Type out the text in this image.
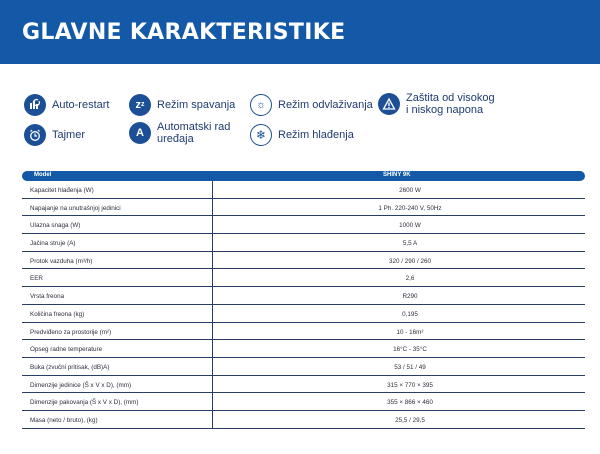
GLAVNE KARAKTERISTIKE
Auto-restart	z z Režim spavanja	☼	Režim odvlaživanja
Zaštita od visokog
i niskog napona
Tajmer	A	Automatski rad
uređaja	❄	Režim hlađenja
Model	SHINY 9K
Kapacitet hlađenja (W)	2600 W
Napajanje na unutrašnjoj jedinici	1 Ph. 220-240 V, 50Hz
Ulazna snaga (W)	1000 W
Jačina struje (A)	5,5 A
Protok vazduha (m³/h)	320 / 290 / 260
EER	2,6
Vrsta freona	R290
Količina freona (kg)	0,195
Predviđeno za prostorije (m²)	10 - 16m²
Opseg radne temperature	16°C - 35°C
Buka (zvučni pritisak, (dB)A)	53 / 51 / 49
Dimenzije jedinice (Š x V x D), (mm)	315 × 770 × 395
Dimenzije pakovanja (Š x V x D), (mm)	355 × 866 × 460
Masa (neto / bruto), (kg)	25,5 / 29,5
